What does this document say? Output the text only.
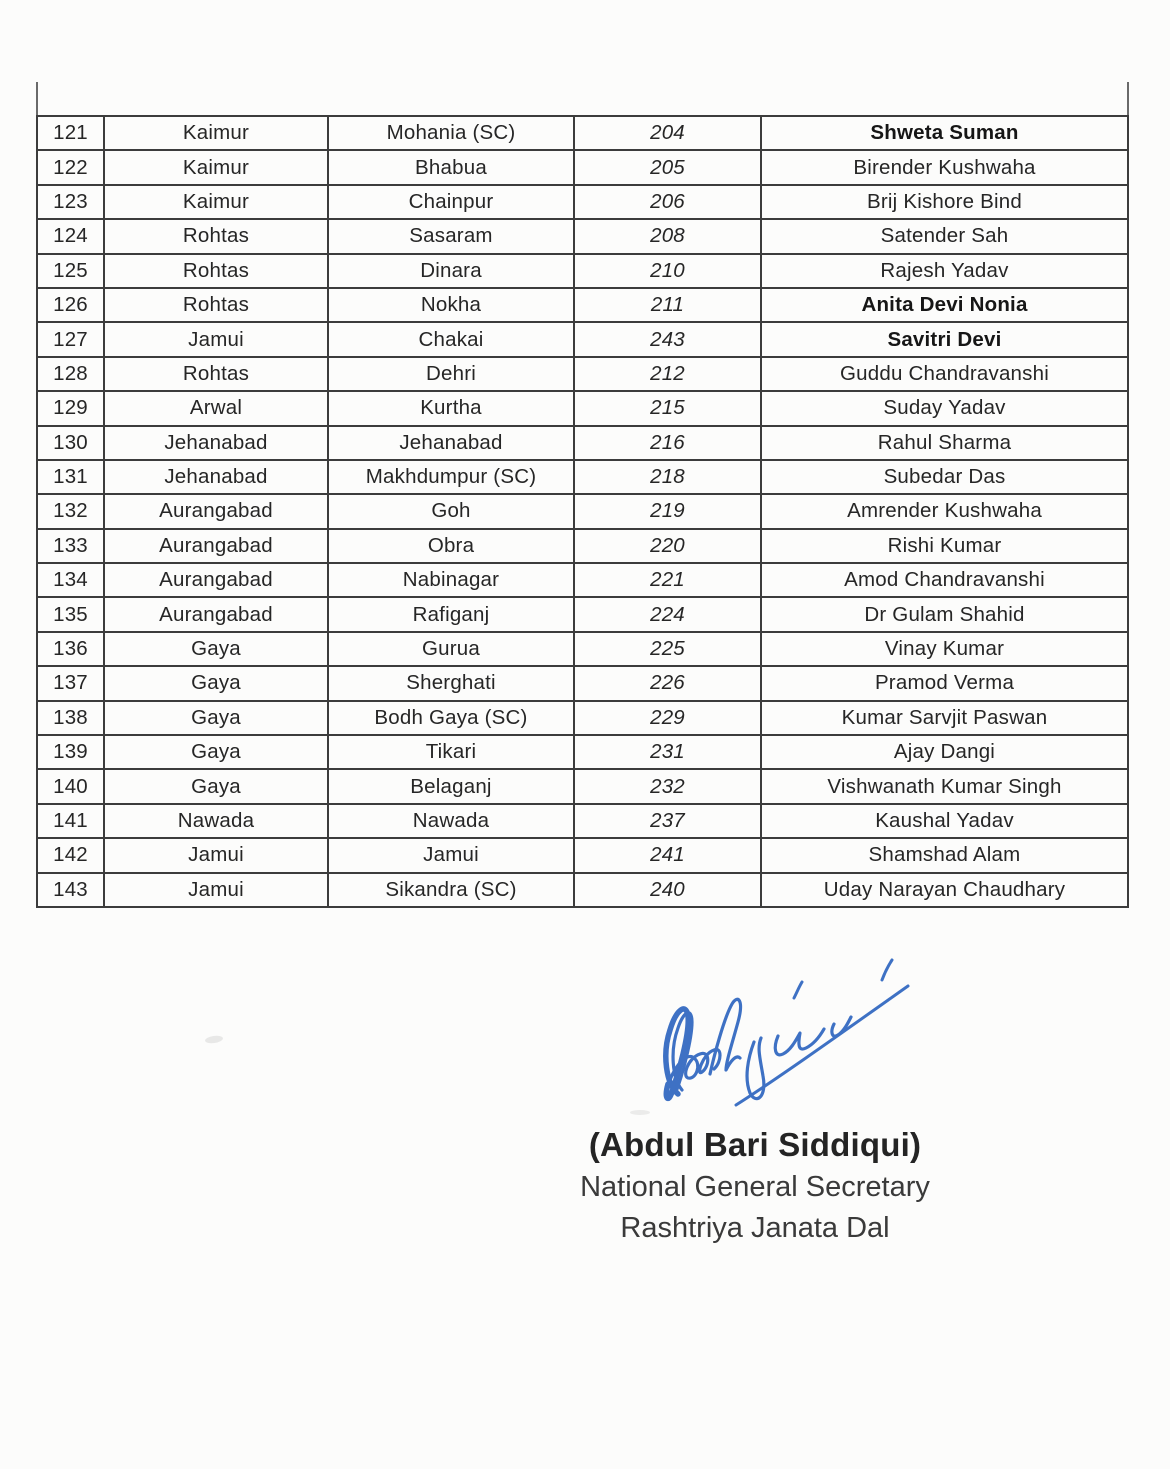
121	Kaimur	Mohania (SC)	204	Shweta Suman
122	Kaimur	Bhabua	205	Birender Kushwaha
123	Kaimur	Chainpur	206	Brij Kishore Bind
124	Rohtas	Sasaram	208	Satender Sah
125	Rohtas	Dinara	210	Rajesh Yadav
126	Rohtas	Nokha	211	Anita Devi Nonia
127	Jamui	Chakai	243	Savitri Devi
128	Rohtas	Dehri	212	Guddu Chandravanshi
129	Arwal	Kurtha	215	Suday Yadav
130	Jehanabad	Jehanabad	216	Rahul Sharma
131	Jehanabad	Makhdumpur (SC)	218	Subedar Das
132	Aurangabad	Goh	219	Amrender Kushwaha
133	Aurangabad	Obra	220	Rishi Kumar
134	Aurangabad	Nabinagar	221	Amod Chandravanshi
135	Aurangabad	Rafiganj	224	Dr Gulam Shahid
136	Gaya	Gurua	225	Vinay Kumar
137	Gaya	Sherghati	226	Pramod Verma
138	Gaya	Bodh Gaya (SC)	229	Kumar Sarvjit Paswan
139	Gaya	Tikari	231	Ajay Dangi
140	Gaya	Belaganj	232	Vishwanath Kumar Singh
141	Nawada	Nawada	237	Kaushal Yadav
142	Jamui	Jamui	241	Shamshad Alam
143	Jamui	Sikandra (SC)	240	Uday Narayan Chaudhary
(Abdul Bari Siddiqui)
National General Secretary
Rashtriya Janata Dal
